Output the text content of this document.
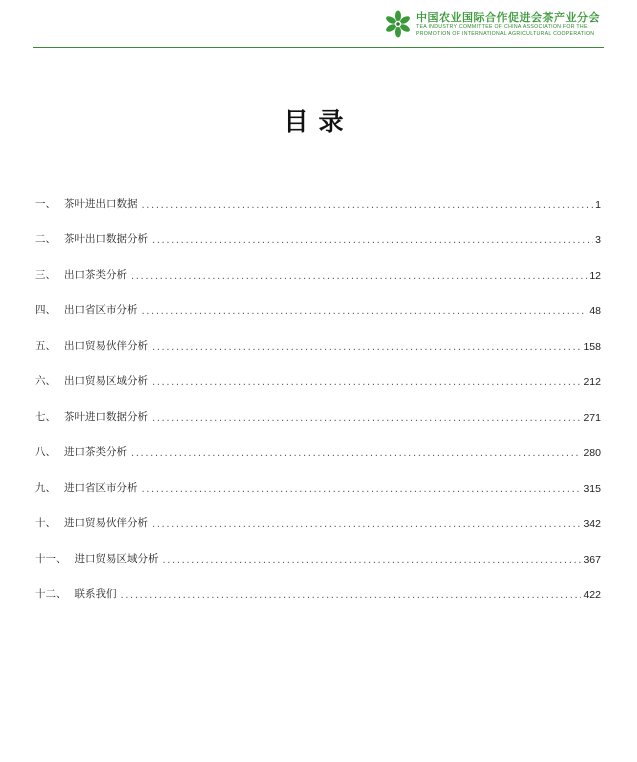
中国农业国际合作促进会茶产业分会
TEA INDUSTRY COMMITTEE OF CHINA ASSOCIATION FOR THE
PROMOTION OF INTERNATIONAL AGRICULTURAL COOPERATION
目录
一、 茶叶进出口数据 .....	1
二、 茶叶出口数据分析 .....	3
三、 出口茶类分析 .....	12
四、 出口省区市分析 .....	48
五、 出口贸易伙伴分析 .....	158
六、 出口贸易区域分析 .....	212
七、 茶叶进口数据分析 .....	271
八、 进口茶类分析 .....	280
九、 进口省区市分析 .....	315
十、 进口贸易伙伴分析 .....	342
十一、 进口贸易区域分析 .....	367
十二、 联系我们 .....	422
